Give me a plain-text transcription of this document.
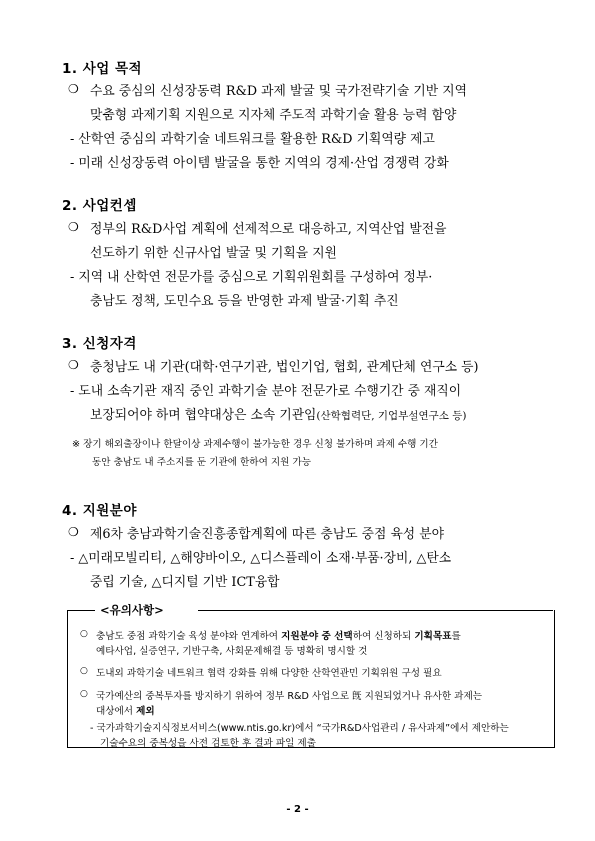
1. 사업 목적
❍ 수요 중심의 신성장동력 R&D 과제 발굴 및 국가전략기술 기반 지역
맞춤형 과제기획 지원으로 지자체 주도적 과학기술 활용 능력 함양
- 산학연 중심의 과학기술 네트워크를 활용한 R&D 기획역량 제고
- 미래 신성장동력 아이템 발굴을 통한 지역의 경제·산업 경쟁력 강화
2. 사업컨셉
❍ 정부의 R&D사업 계획에 선제적으로 대응하고, 지역산업 발전을
선도하기 위한 신규사업 발굴 및 기획을 지원
- 지역 내 산학연 전문가를 중심으로 기획위원회를 구성하여 정부·
충남도 정책, 도민수요 등을 반영한 과제 발굴·기획 추진
3. 신청자격
❍ 충청남도 내 기관(대학·연구기관, 법인기업, 협회, 관계단체 연구소 등)
- 도내 소속기관 재직 중인 과학기술 분야 전문가로 수행기간 중 재직이
보장되어야 하며 협약대상은 소속 기관임(산학협력단, 기업부설연구소 등)
※ 장기 해외출장이나 한달이상 과제수행이 불가능한 경우 신청 불가하며 과제 수행 기간
동안 충남도 내 주소지를 둔 기관에 한하여 지원 가능
4. 지원분야
❍ 제6차 충남과학기술진흥종합계획에 따른 충남도 중점 육성 분야
- △미래모빌리티, △해양바이오, △디스플레이 소재·부품·장비, △탄소
중립 기술, △디지털 기반 ICT융합
<유의사항>
○ 충남도 중점 과학기술 육성 분야와 연계하여 지원분야 중 선택하여 신청하되 기획목표를
예타사업, 실증연구, 기반구축, 사회문제해결 등 명확히 명시할 것
○ 도내외 과학기술 네트워크 협력 강화를 위해 다양한 산학연관민 기획위원 구성 필요
○ 국가예산의 중복투자를 방지하기 위하여 정부 R&D 사업으로 旣 지원되었거나 유사한 과제는
대상에서 제외
- 국가과학기술지식정보서비스(www.ntis.go.kr)에서 “국가R&D사업관리 / 유사과제”에서 제안하는
기술수요의 중복성을 사전 검토한 후 결과 파일 제출
- 2 -
